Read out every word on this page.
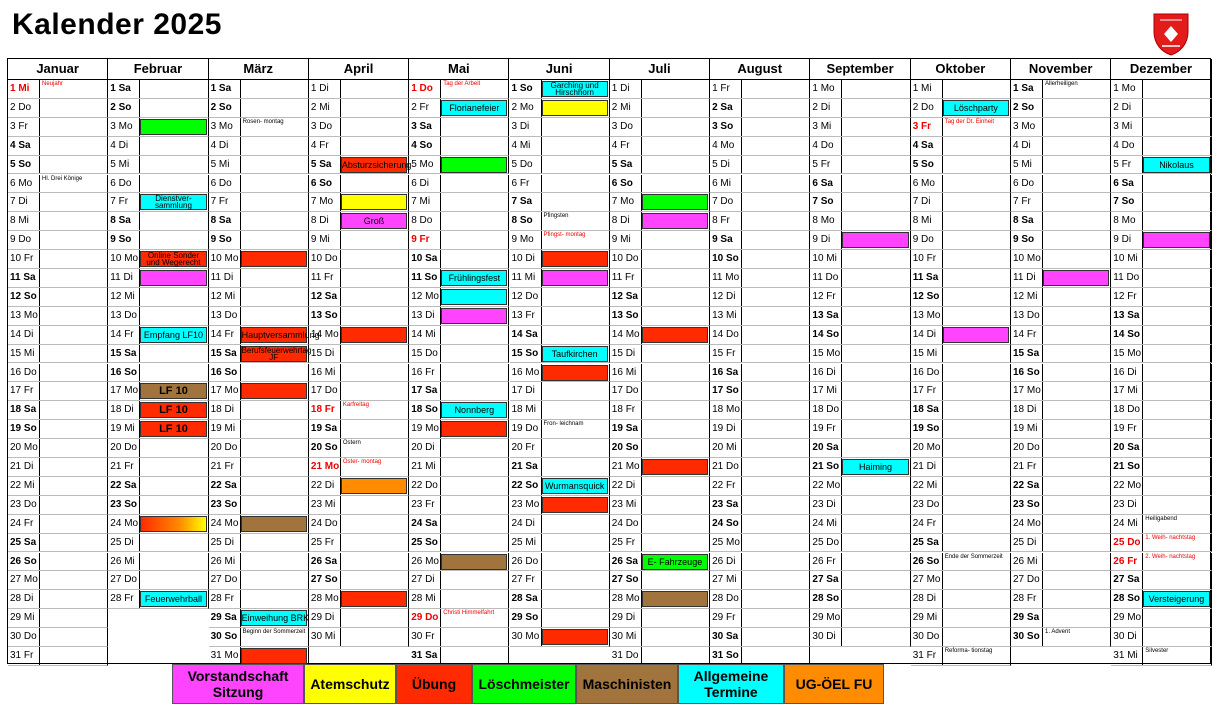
Kalender 2025
Januar
1 Mi Neujahr
2 Do
3 Fr
4 Sa
5 So
6 Mo Hl. Drei Könige
7 Di
8 Mi
9 Do
10 Fr
11 Sa
12 So
13 Mo
14 Di
15 Mi
16 Do
17 Fr
18 Sa
19 So
20 Mo
21 Di
22 Mi
23 Do
24 Fr
25 Sa
26 So
27 Mo
28 Di
29 Mi
30 Do
31 Fr
Februar
1 Sa
2 So
3 Mo
4 Di
5 Mi
6 Do
7 Fr	Dienstver- sammlung
8 Sa
9 So
10 Mo	Online Sonder und Wegerecht
11 Di
12 Mi
13 Do
14 Fr	Empfang LF10
15 Sa
16 So
17 Mo	LF 10
18 Di	LF 10
19 Mi	LF 10
20 Do
21 Fr
22 Sa
23 So
24 Mo
25 Di
26 Mi
27 Do
28 Fr	Feuerwehrball
März
1 Sa
2 So
3 Mo Rosen- montag
4 Di
5 Mi
6 Do
7 Fr
8 Sa
9 So
10 Mo
11 Di
12 Mi
13 Do
14 Fr Hauptversammlung
15 Sa Berufsfeuerwehrtag JF
16 So
17 Mo
18 Di
19 Mi
20 Do
21 Fr
22 Sa
23 So
24 Mo
25 Di
26 Mi
27 Do
28 Fr
29 Sa Einweihung BRK
30 So Beginn der Sommerzeit
31 Mo
April
1 Di
2 Mi
3 Do
4 Fr
5 Sa Absturzsicherung
6 So
7 Mo
8 Di	Groß
9 Mi
10 Do
11 Fr
12 Sa
13 So
14 Mo
15 Di
16 Mi
17 Do
18 Fr Karfreitag
19 Sa
20 So Ostern
21 Mo Oster- montag
22 Di
23 Mi
24 Do
25 Fr
26 Sa
27 So
28 Mo
29 Di
30 Mi
Mai
1 Do Tag der Arbeit
2 Fr	Florianefeier
3 Sa
4 So
5 Mo
6 Di
7 Mi
8 Do
9 Fr
10 Sa
11 So	Frühlingsfest
12 Mo
13 Di
14 Mi
15 Do
16 Fr
17 Sa
18 So	Nonnberg
19 Mo
20 Di
21 Mi
22 Do
23 Fr
24 Sa
25 So
26 Mo
27 Di
28 Mi
29 Do Christi Himmelfahrt
30 Fr
31 Sa
Juni
1 So	Garching und Hirschhorn
2 Mo
3 Di
4 Mi
5 Do
6 Fr
7 Sa
8 So Pfingsten
9 Mo Pfingst- montag
10 Di
11 Mi
12 Do
13 Fr
14 Sa
15 So	Taufkirchen
16 Mo
17 Di
18 Mi
19 Do Fron- leichnam
20 Fr
21 Sa
22 So Wurmansquick
23 Mo
24 Di
25 Mi
26 Do
27 Fr
28 Sa
29 So
30 Mo
Juli
1 Di
2 Mi
3 Do
4 Fr
5 Sa
6 So
7 Mo
8 Di
9 Mi
10 Do
11 Fr
12 Sa
13 So
14 Mo
15 Di
16 Mi
17 Do
18 Fr
19 Sa
20 So
21 Mo
22 Di
23 Mi
24 Do
25 Fr
26 Sa	E- Fahrzeuge
27 So
28 Mo
29 Di
30 Mi
31 Do
August
1 Fr
2 Sa
3 So
4 Mo
5 Di
6 Mi
7 Do
8 Fr
9 Sa
10 So
11 Mo
12 Di
13 Mi
14 Do
15 Fr
16 Sa
17 So
18 Mo
19 Di
20 Mi
21 Do
22 Fr
23 Sa
24 So
25 Mo
26 Di
27 Mi
28 Do
29 Fr
30 Sa
31 So
September
1 Mo
2 Di
3 Mi
4 Do
5 Fr
6 Sa
7 So
8 Mo
9 Di
10 Mi
11 Do
12 Fr
13 Sa
14 So
15 Mo
16 Di
17 Mi
18 Do
19 Fr
20 Sa
21 So	Haiming
22 Mo
23 Di
24 Mi
25 Do
26 Fr
27 Sa
28 So
29 Mo
30 Di
Oktober
1 Mi
2 Do	Löschparty
3 Fr Tag der Dt. Einheit
4 Sa
5 So
6 Mo
7 Di
8 Mi
9 Do
10 Fr
11 Sa
12 So
13 Mo
14 Di
15 Mi
16 Do
17 Fr
18 Sa
19 So
20 Mo
21 Di
22 Mi
23 Do
24 Fr
25 Sa
26 So Ende der Sommerzeit
27 Mo
28 Di
29 Mi
30 Do
31 Fr Reforma- tionstag
November
1 Sa Allerheiligen
2 So
3 Mo
4 Di
5 Mi
6 Do
7 Fr
8 Sa
9 So
10 Mo
11 Di
12 Mi
13 Do
14 Fr
15 Sa
16 So
17 Mo
18 Di
19 Mi
20 Do
21 Fr
22 Sa
23 So
24 Mo
25 Di
26 Mi
27 Do
28 Fr
29 Sa
30 So 1. Advent
Dezember
1 Mo
2 Di
3 Mi
4 Do
5 Fr	Nikolaus
6 Sa
7 So
8 Mo
9 Di
10 Mi
11 Do
12 Fr
13 Sa
14 So
15 Mo
16 Di
17 Mi
18 Do
19 Fr
20 Sa
21 So
22 Mo
23 Di
24 Mi Heiligabend
25 Do 1. Weih- nachtstag
26 Fr 2. Weih- nachtstag
27 Sa
28 So Versteigerung
29 Mo
30 Di
31 Mi Silvester
Vorstandschaft Sitzung	Atemschutz	Übung	Löschmeister Maschinisten	Allgemeine Termine	UG-ÖEL FU
